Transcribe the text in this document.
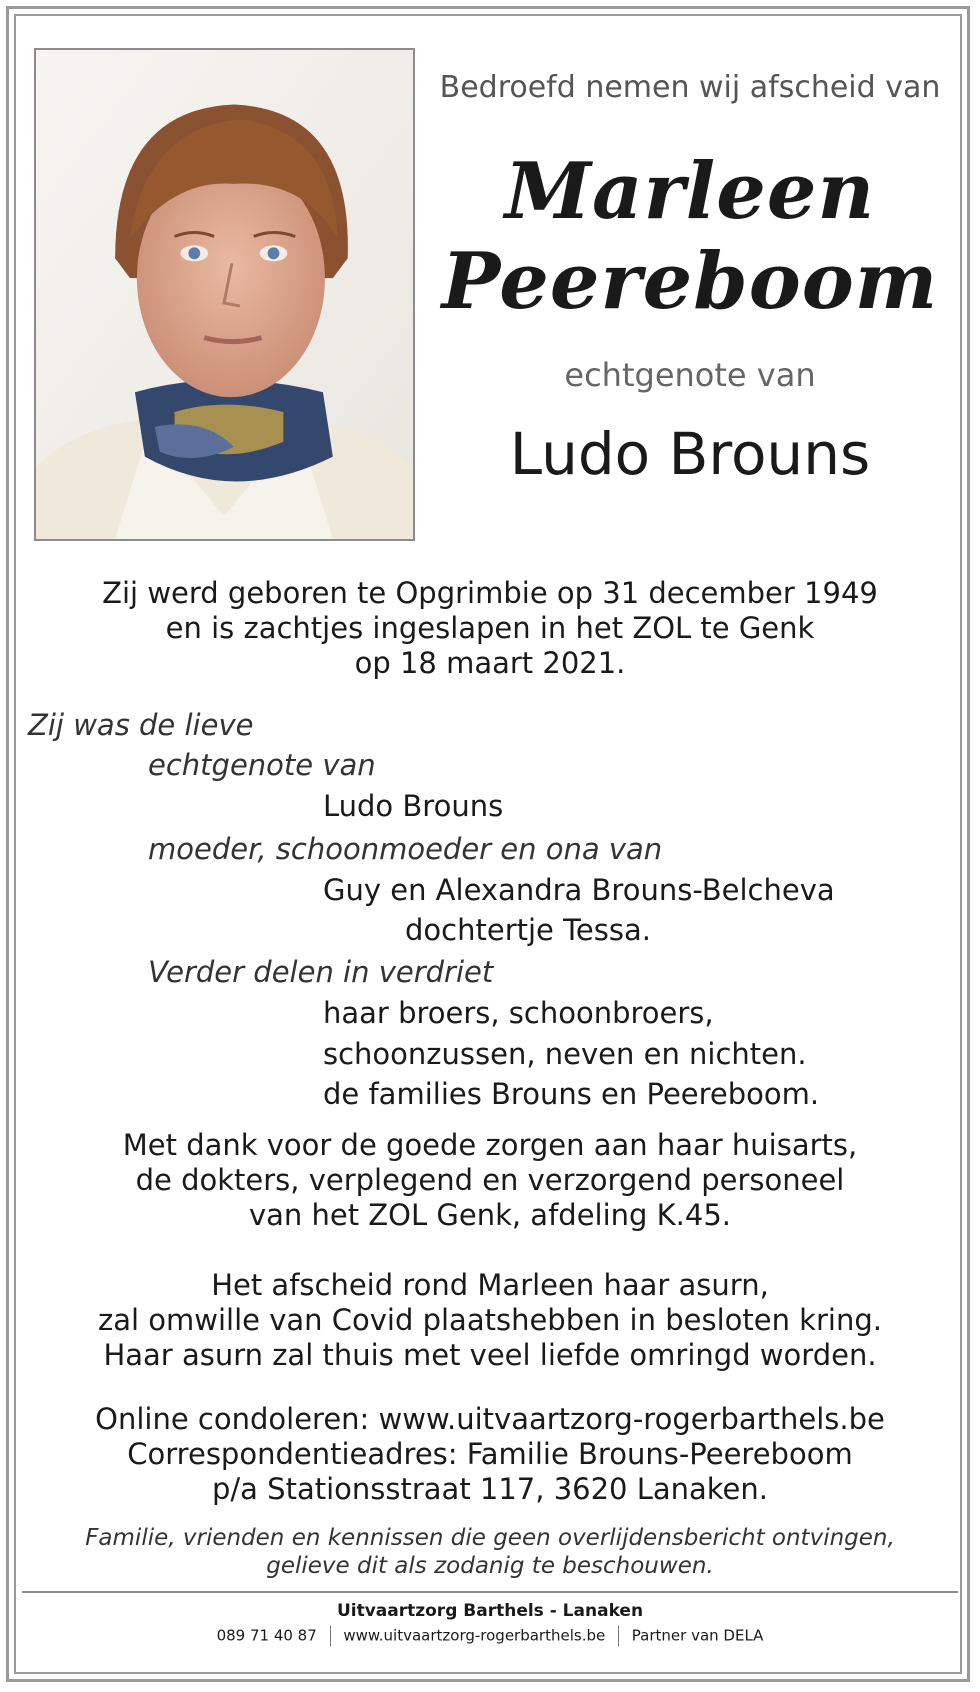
Bedroefd nemen wij afscheid van
Marleen
Peereboom
echtgenote van
Ludo Brouns
Zij werd geboren te Opgrimbie op 31 december 1949
en is zachtjes ingeslapen in het ZOL te Genk
op 18 maart 2021.
Zij was de lieve
echtgenote van
Ludo Brouns
moeder, schoonmoeder en ona van
Guy en Alexandra Brouns-Belcheva
dochtertje Tessa.
Verder delen in verdriet
haar broers, schoonbroers,
schoonzussen, neven en nichten.
de families Brouns en Peereboom.
Met dank voor de goede zorgen aan haar huisarts,
de dokters, verplegend en verzorgend personeel
van het ZOL Genk, afdeling K.45.
Het afscheid rond Marleen haar asurn,
zal omwille van Covid plaatshebben in besloten kring.
Haar asurn zal thuis met veel liefde omringd worden.
Online condoleren: www.uitvaartzorg-rogerbarthels.be
Correspondentieadres: Familie Brouns-Peereboom
p/a Stationsstraat 117, 3620 Lanaken.
Familie, vrienden en kennissen die geen overlijdensbericht ontvingen,
gelieve dit als zodanig te beschouwen.
Uitvaartzorg Barthels - Lanaken
089 71 40 87 www.uitvaartzorg-rogerbarthels.be Partner van DELA
